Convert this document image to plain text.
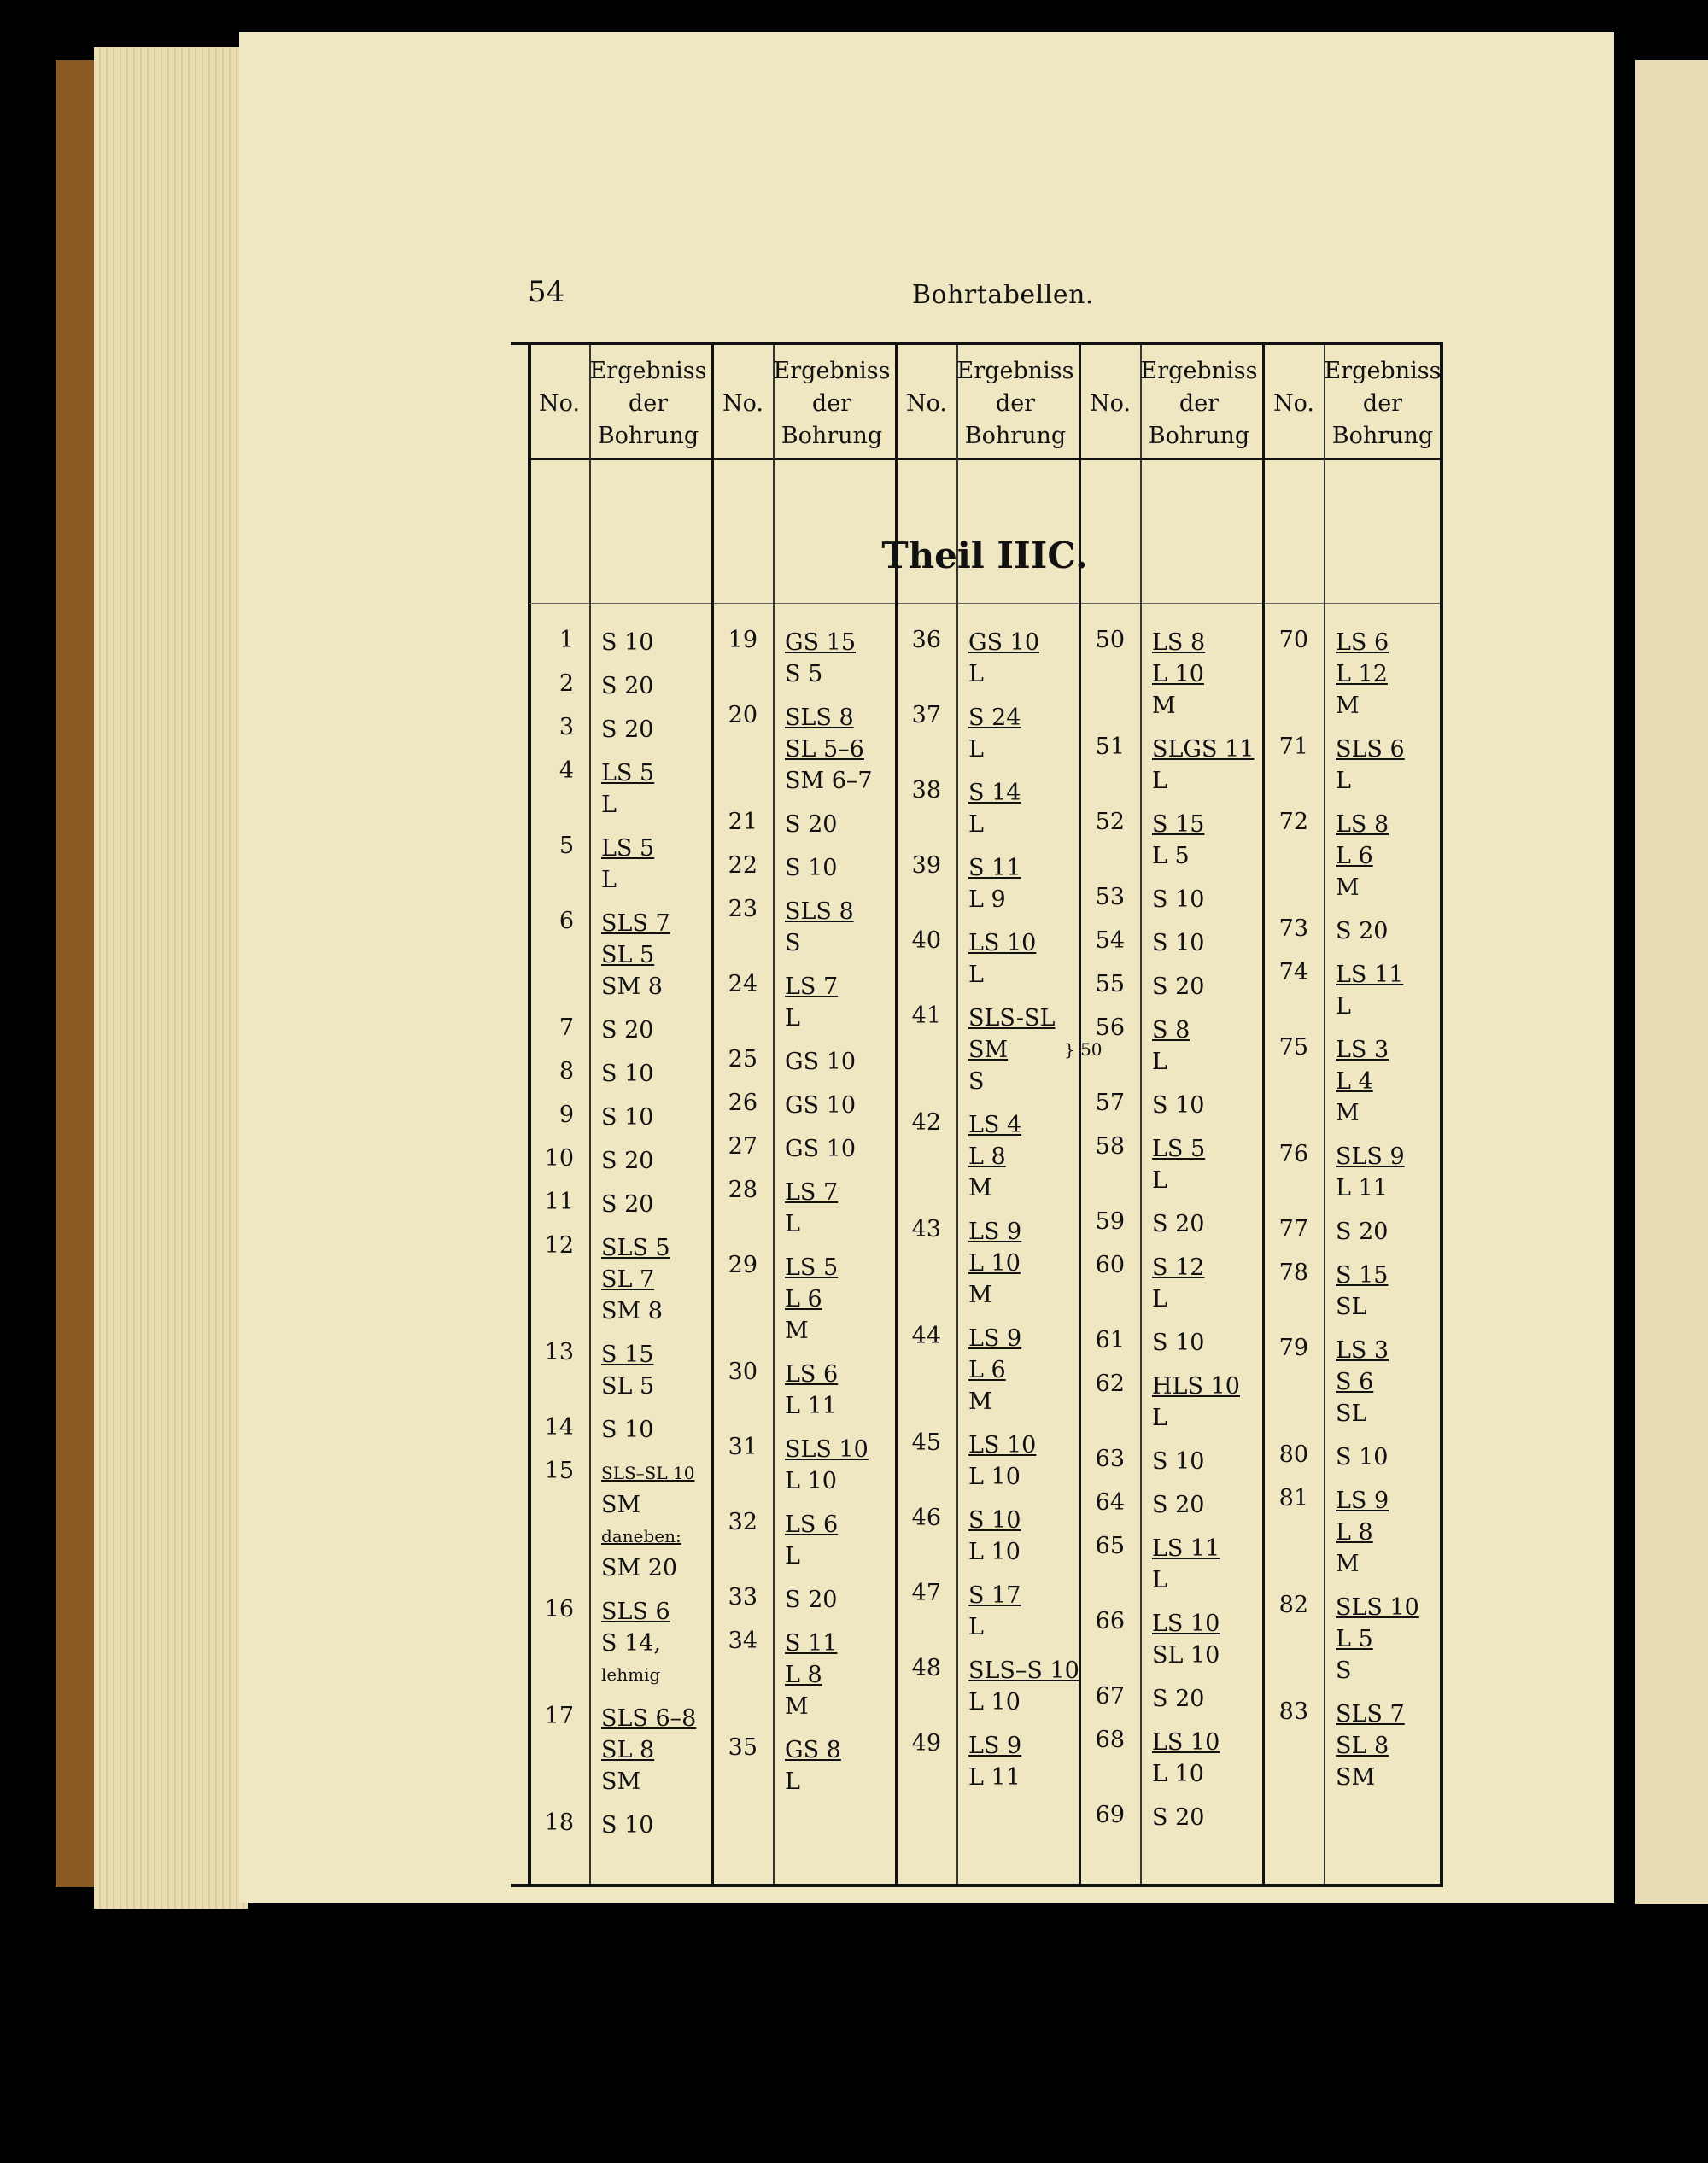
54	Bohrtabellen.
Theil IIIC.
No.
Ergebniss
der
Bohrung
No.
Ergebniss
der
Bohrung
No.
Ergebniss
der
Bohrung
No.
Ergebniss
der
Bohrung
No.
Ergebniss
der
Bohrung
1 S 10
2 S 20
3 S 20
4 LS 5
L
5 LS 5
L
6 SLS 7
SL 5
SM 8
7 S 20
8 S 10
9 S 10
10 S 20
11 S 20
12 SLS 5
SL 7
SM 8
13 S 15
SL 5
14 S 10
15 SLS–SL 10
SM
daneben:
SM 20
16 SLS 6
S 14,
lehmig
17 SLS 6–8
SL 8
SM
18 S 10
19 GS 15
S 5
20 SLS 8
SL 5–6
SM 6–7
21 S 20
22 S 10
23 SLS 8
S
24 LS 7
L
25 GS 10
26 GS 10
27 GS 10
28 LS 7
L
29 LS 5
L 6
M
30 LS 6
L 11
31 SLS 10
L 10
32 LS 6
L
33 S 20
34 S 11
L 8
M
35 GS 8
L
36 GS 10
L
37 S 24
L
38 S 14
L
39 S 11
L 9
40 LS 10
L
41 SLS-SL
SM
S
} 50
42 LS 4
L 8
M
43 LS 9
L 10
M
44 LS 9
L 6
M
45 LS 10
L 10
46 S 10
L 10
47 S 17
L
48 SLS–S 10
L 10
49 LS 9
L 11
50 LS 8
L 10
M
51 SLGS 11
L
52 S 15
L 5
53 S 10
54 S 10
55 S 20
56 S 8
L
57 S 10
58 LS 5
L
59 S 20
60 S 12
L
61 S 10
62 HLS 10
L
63 S 10
64 S 20
65 LS 11
L
66 LS 10
SL 10
67 S 20
68 LS 10
L 10
69 S 20
70 LS 6
L 12
M
71 SLS 6
L
72 LS 8
L 6
M
73 S 20
74 LS 11
L
75 LS 3
L 4
M
76 SLS 9
L 11
77 S 20
78 S 15
SL
79 LS 3
S 6
SL
80 S 10
81 LS 9
L 8
M
82 SLS 10
L 5
S
83 SLS 7
SL 8
SM
